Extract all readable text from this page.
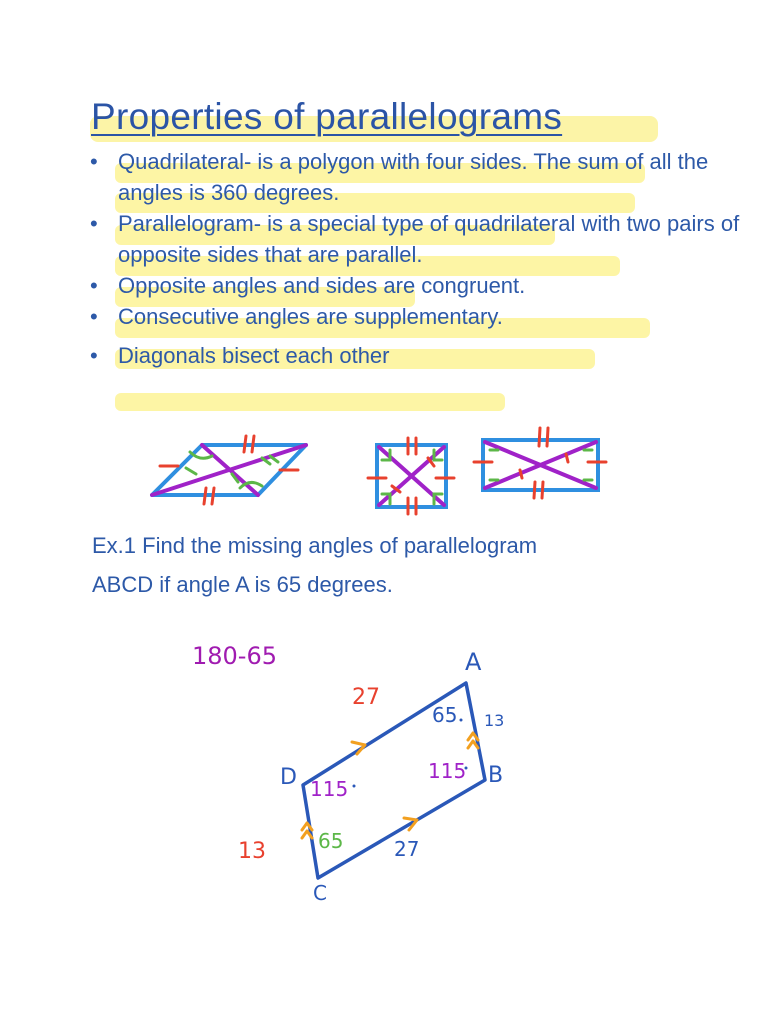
Properties of parallelograms
• Quadrilateral- is a polygon with four sides. The sum of all the angles is 360 degrees.
• Parallelogram- is a special type of quadrilateral with two pairs of opposite sides that are parallel.
• Opposite angles and sides are congruent.
• Consecutive angles are supplementary.
• Diagonals bisect each other
180-65	A
B
C
D
65
115
65
115
27
27
13
13
Ex.1 Find the missing angles of parallelogram
ABCD if angle A is 65 degrees.
